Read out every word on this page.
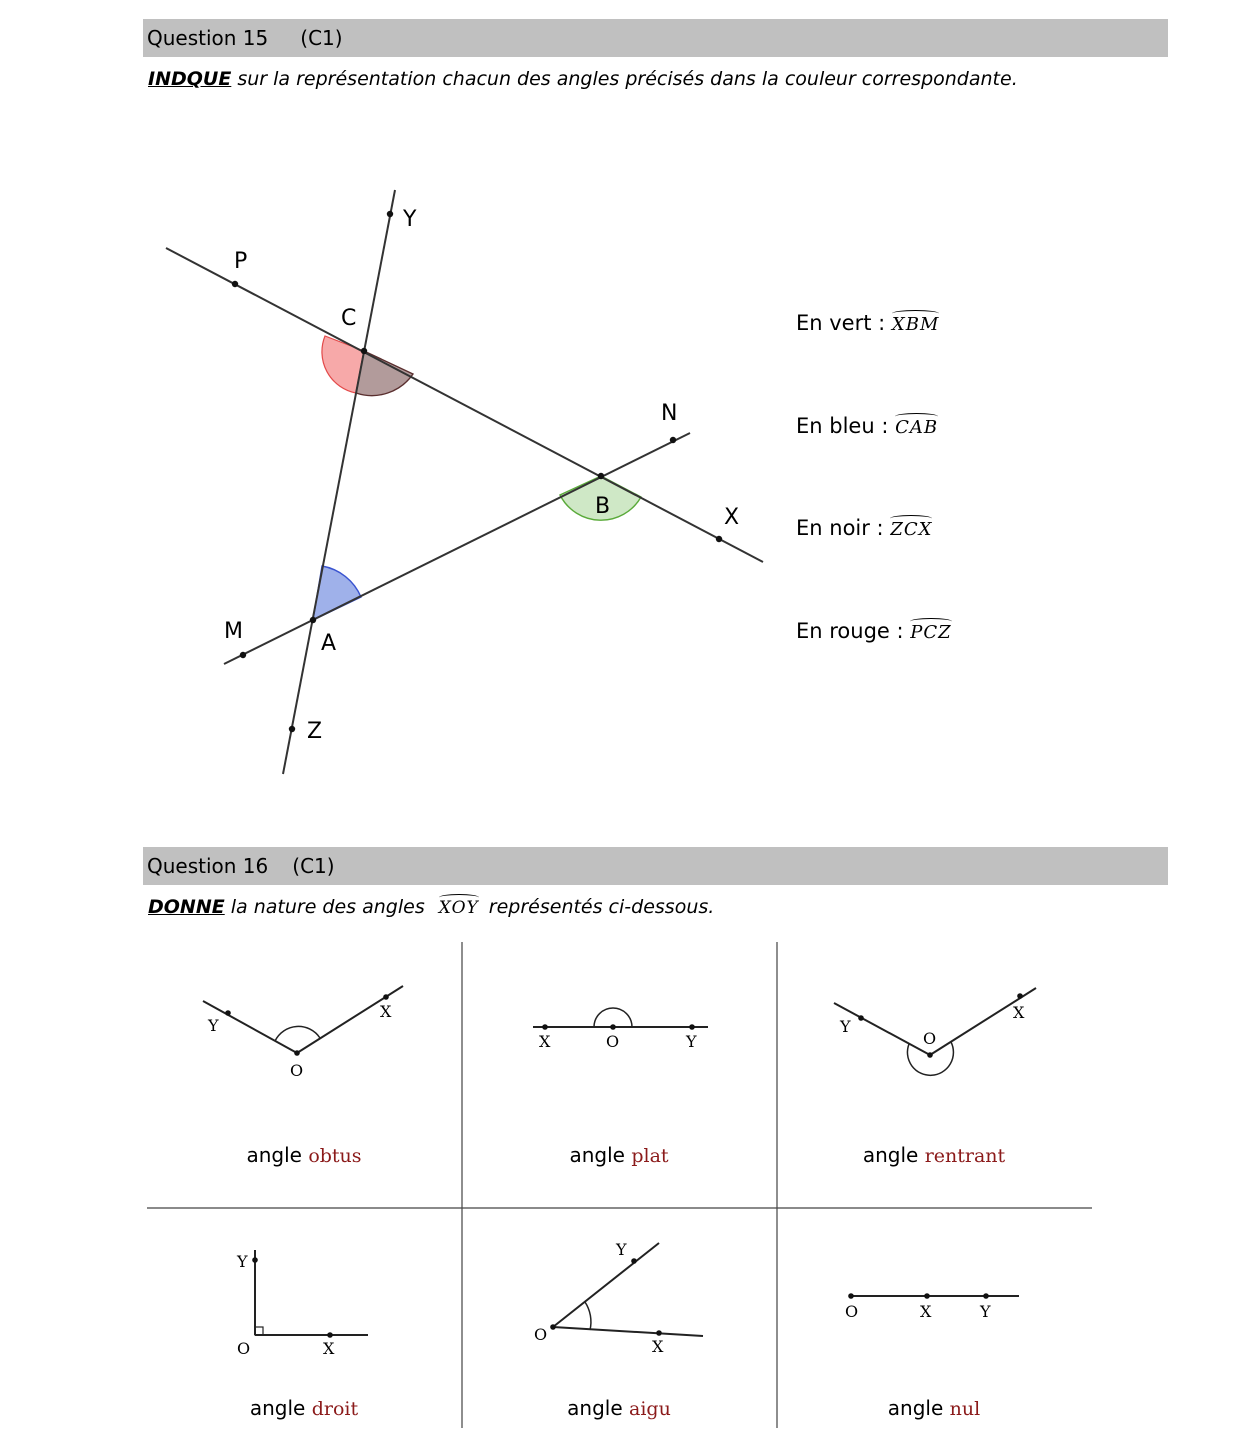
Question 15 (C1)
INDQUE sur la représentation chacun des angles précisés dans la couleur correspondante.
P
Y
C
N
B	X
M	A
Z
En vert : XBM
En bleu : CAB
En noir : ZCX
En rouge : PCZ
Question 16 (C1)
DONNE la nature des angles XOY représentés ci-dessous.
Y
O
X
X	O	Y
Y
O
X
Y
O	X
Y
O
X
O	X	Y
angle obtus	angle plat	angle rentrant
angle droit	angle aigu	angle nul
